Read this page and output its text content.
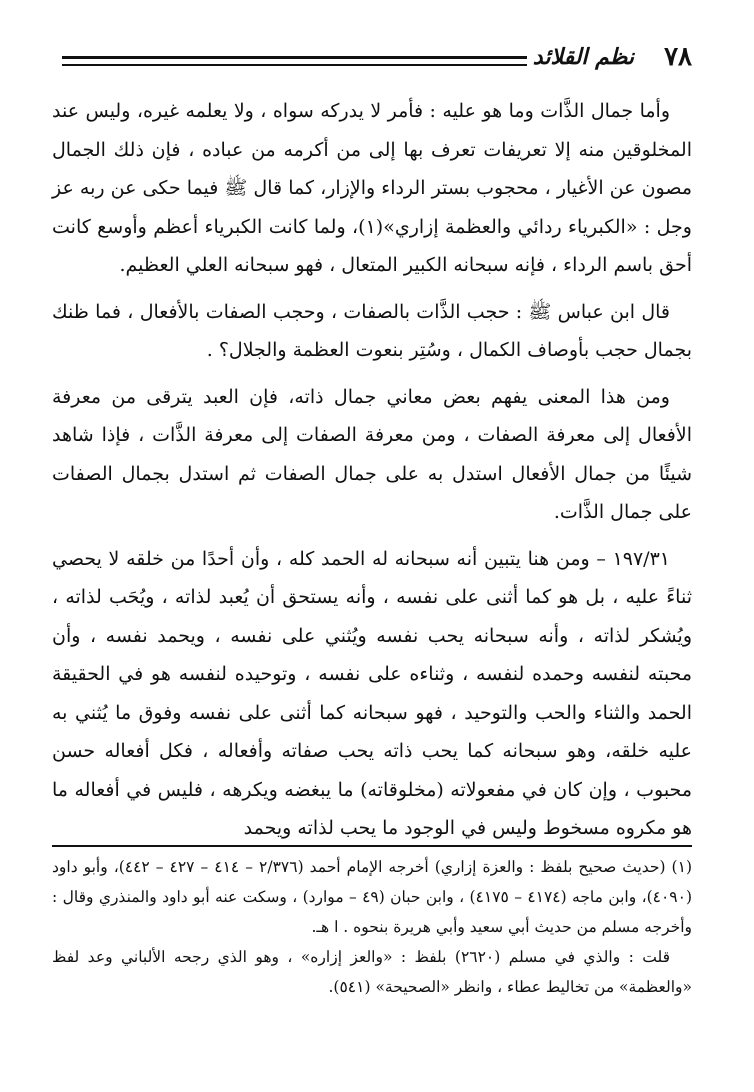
٧٨
نظم القلائد

وأما جمال الذَّات وما هو عليه : فأمر لا يدركه سواه ، ولا يعلمه غيره، وليس عند المخلوقين منه إلا تعريفات تعرف بها إلى من أكرمه من عباده ، فإن ذلك الجمال مصون عن الأغيار ، محجوب بستر الرداء والإزار، كما قال ﷺ فيما حكى عن ربه عز وجل : «الكبرياء ردائي والعظمة إزاري»(١)، ولما كانت الكبرياء أعظم وأوسع كانت أحق باسم الرداء ، فإنه سبحانه الكبير المتعال ، فهو سبحانه العلي العظيم.

قال ابن عباس ﷺ : حجب الذَّات بالصفات ، وحجب الصفات بالأفعال ، فما ظنك بجمال حجب بأوصاف الكمال ، وسُتِر بنعوت العظمة والجلال؟ .

ومن هذا المعنى يفهم بعض معاني جمال ذاته، فإن العبد يترقى من معرفة الأفعال إلى معرفة الصفات ، ومن معرفة الصفات إلى معرفة الذَّات ، فإذا شاهد شيئًا من جمال الأفعال استدل به على جمال الصفات ثم استدل بجمال الصفات على جمال الذَّات.

١٩٧/٣١ – ومن هنا يتبين أنه سبحانه له الحمد كله ، وأن أحدًا من خلقه لا يحصي ثناءً عليه ، بل هو كما أثنى على نفسه ، وأنه يستحق أن يُعبد لذاته ، ويُحَب لذاته ، ويُشكر لذاته ، وأنه سبحانه يحب نفسه ويُثني على نفسه ، ويحمد نفسه ، وأن محبته لنفسه وحمده لنفسه ، وثناءه على نفسه ، وتوحيده لنفسه هو في الحقيقة الحمد والثناء والحب والتوحيد ، فهو سبحانه كما أثنى على نفسه وفوق ما يُثني به عليه خلقه، وهو سبحانه كما يحب ذاته يحب صفاته وأفعاله ، فكل أفعاله حسن محبوب ، وإن كان في مفعولاته (مخلوقاته) ما يبغضه ويكرهه ، فليس في أفعاله ما هو مكروه مسخوط وليس في الوجود ما يحب لذاته ويحمد

(١) (حديث صحيح بلفظ : والعزة إزاري) أخرجه الإمام أحمد (٢/٣٧٦ – ٤١٤ – ٤٢٧ – ٤٤٢)، وأبو داود (٤٠٩٠)، وابن ماجه (٤١٧٤ – ٤١٧٥) ، وابن حبان (٤٩ – موارد) ، وسكت عنه أبو داود والمنذري وقال : وأخرجه مسلم من حديث أبي سعيد وأبي هريرة بنحوه . ا هـ.

قلت : والذي في مسلم (٢٦٢٠) بلفظ : «والعز إزاره» ، وهو الذي رجحه الألباني وعد لفظ «والعظمة» من تخاليط عطاء ، وانظر «الصحيحة» (٥٤١).
